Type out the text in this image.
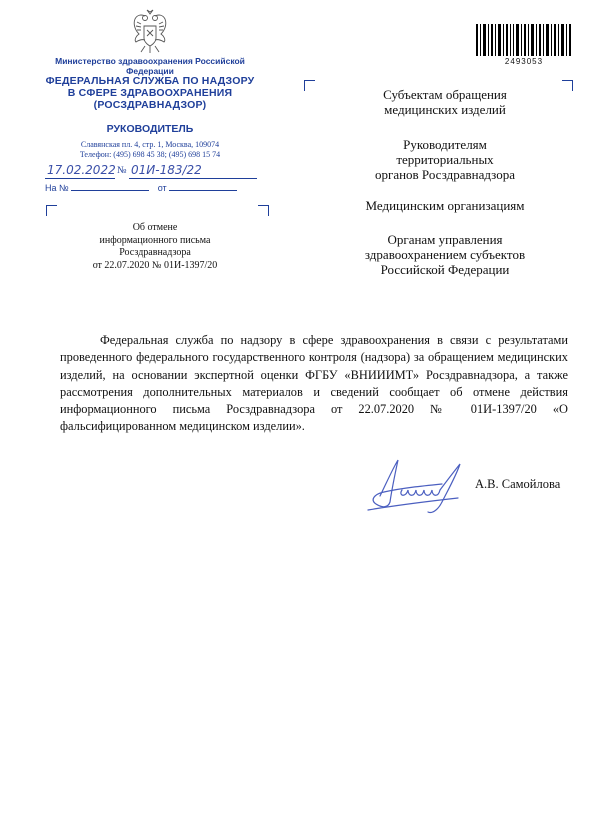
Министерство здравоохранения Российской Федерации
ФЕДЕРАЛЬНАЯ СЛУЖБА ПО НАДЗОРУ
В СФЕРЕ ЗДРАВООХРАНЕНИЯ
(РОСЗДРАВНАДЗОР)
РУКОВОДИТЕЛЬ
Славянская пл. 4, стр. 1, Москва, 109074
Телефон: (495) 698 45 38; (495) 698 15 74
17.02.2022 № 01И-183/22
На №	от
Об отмене
информационного письма
Росздравнадзора
от 22.07.2020 № 01И-1397/20
2493053
Субъектам обращения
медицинских изделий
Руководителям
территориальных
органов Росздравнадзора
Медицинским организациям
Органам управления
здравоохранением субъектов
Российской Федерации

Федеральная служба по надзору в сфере здравоохранения в связи с результатами проведенного федерального государственного контроля (надзора) за обращением медицинских изделий, на основании экспертной оценки ФГБУ «ВНИИИМТ» Росздравнадзора, а также рассмотрения дополнительных материалов и сведений сообщает об отмене действия информационного письма Росздравнадзора от 22.07.2020 № 01И-1397/20 «О фальсифицированном медицинском изделии».

А.В. Самойлова
